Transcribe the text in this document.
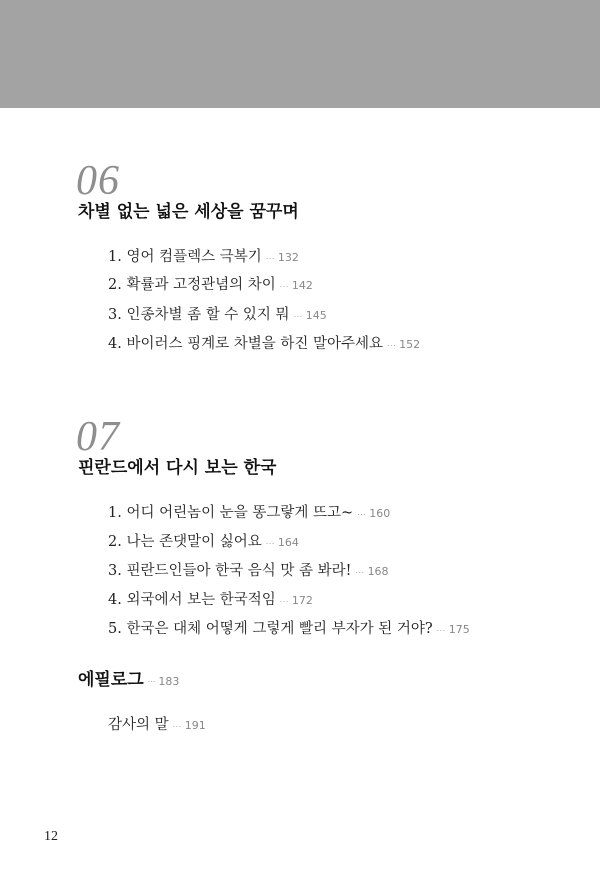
06
차별 없는 넓은 세상을 꿈꾸며
1. 영어 컴플렉스 극복기 ... 132
2. 확률과 고정관념의 차이 ... 142
3. 인종차별 좀 할 수 있지 뭐 ... 145
4. 바이러스 핑계로 차별을 하진 말아주세요 ... 152
07
핀란드에서 다시 보는 한국
1. 어디 어린놈이 눈을 똥그랗게 뜨고~ ... 160
2. 나는 존댓말이 싫어요 ... 164
3. 핀란드인들아 한국 음식 맛 좀 봐라! ... 168
4. 외국에서 보는 한국적임 ... 172
5. 한국은 대체 어떻게 그렇게 빨리 부자가 된 거야? ... 175
에필로그 ... 183
감사의 말 ... 191
12
